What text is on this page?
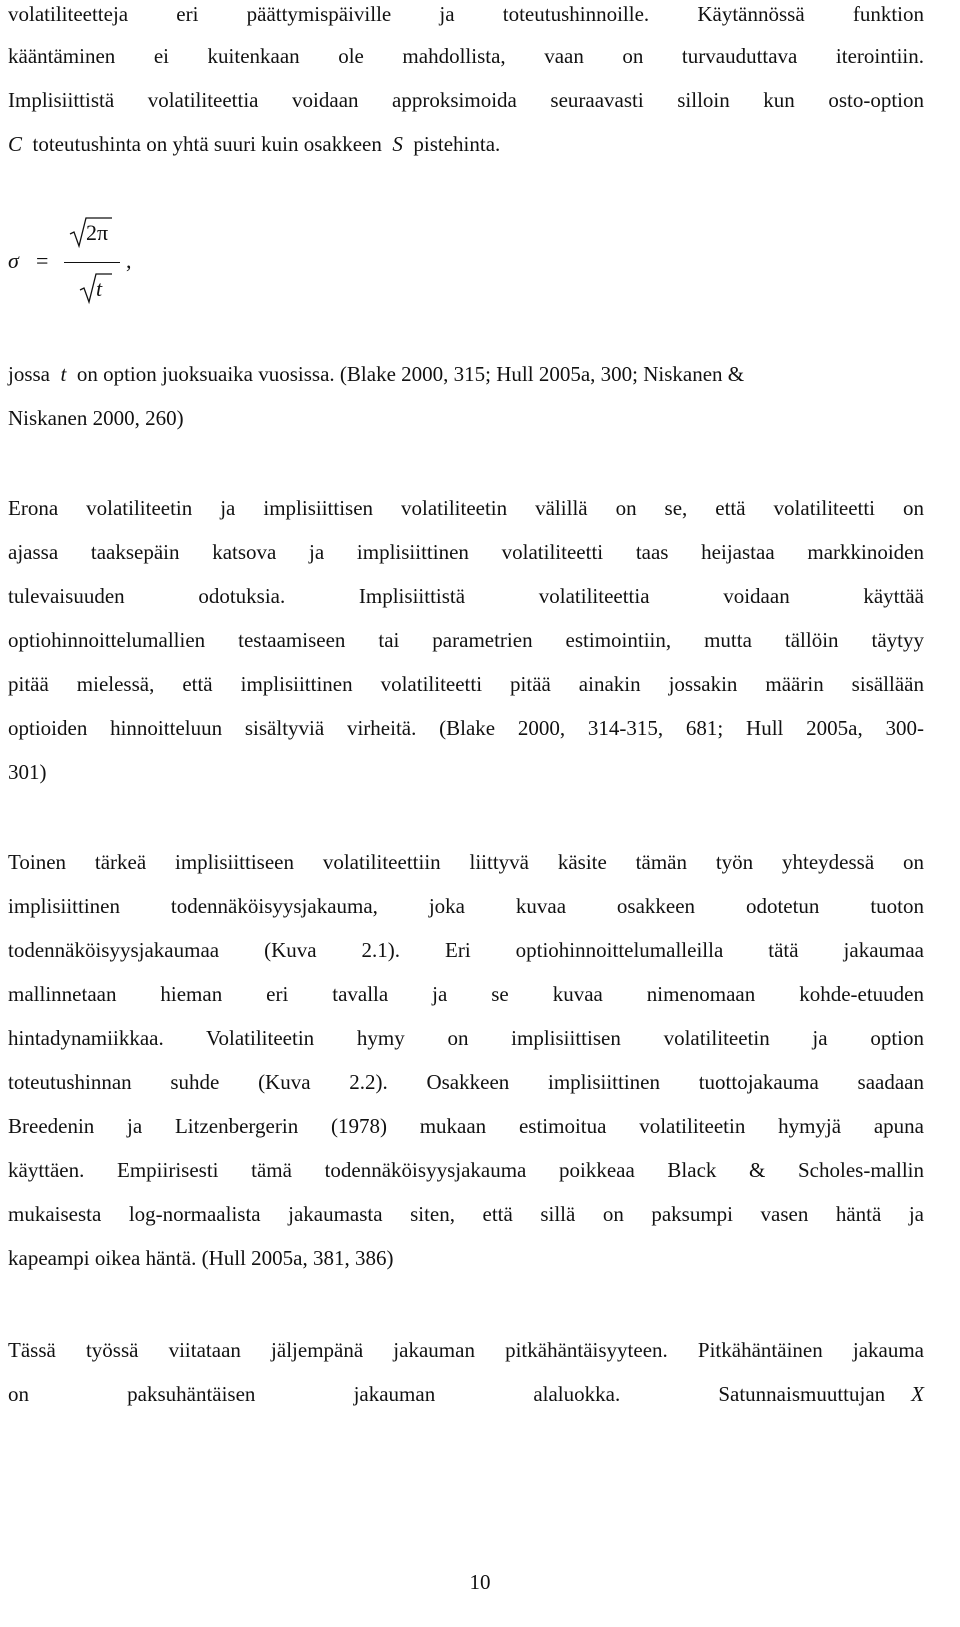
volatiliteetteja eri päättymispäiville ja toteutushinnoille. Käytännössä funktion
kääntäminen ei kuitenkaan ole mahdollista, vaan on turvauduttava iterointiin.
Implisiittistä volatiliteettia voidaan approksimoida seuraavasti silloin kun osto-option
C toteutushinta on yhtä suuri kuin osakkeen S pistehinta.
σ =
2π
t
,
jossa t on option juoksuaika vuosissa. (Blake 2000, 315; Hull 2005a, 300; Niskanen &
Niskanen 2000, 260)
Erona volatiliteetin ja implisiittisen volatiliteetin välillä on se, että volatiliteetti on
ajassa taaksepäin katsova ja implisiittinen volatiliteetti taas heijastaa markkinoiden
tulevaisuuden odotuksia. Implisiittistä volatiliteettia voidaan käyttää
optiohinnoittelumallien testaamiseen tai parametrien estimointiin, mutta tällöin täytyy
pitää mielessä, että implisiittinen volatiliteetti pitää ainakin jossakin määrin sisällään
optioiden hinnoitteluun sisältyviä virheitä. (Blake 2000, 314-315, 681; Hull 2005a, 300-
301)
Toinen tärkeä implisiittiseen volatiliteettiin liittyvä käsite tämän työn yhteydessä on
implisiittinen todennäköisyysjakauma, joka kuvaa osakkeen odotetun tuoton
todennäköisyysjakaumaa (Kuva 2.1). Eri optiohinnoittelumalleilla tätä jakaumaa
mallinnetaan hieman eri tavalla ja se kuvaa nimenomaan kohde-etuuden
hintadynamiikkaa. Volatiliteetin hymy on implisiittisen volatiliteetin ja option
toteutushinnan suhde (Kuva 2.2). Osakkeen implisiittinen tuottojakauma saadaan
Breedenin ja Litzenbergerin (1978) mukaan estimoitua volatiliteetin hymyjä apuna
käyttäen. Empiirisesti tämä todennäköisyysjakauma poikkeaa Black & Scholes-mallin
mukaisesta log-normaalista jakaumasta siten, että sillä on paksumpi vasen häntä ja
kapeampi oikea häntä. (Hull 2005a, 381, 386)
Tässä työssä viitataan jäljempänä jakauman pitkähäntäisyyteen. Pitkähäntäinen jakauma
on paksuhäntäisen jakauman alaluokka. Satunnaismuuttujan	X
10
